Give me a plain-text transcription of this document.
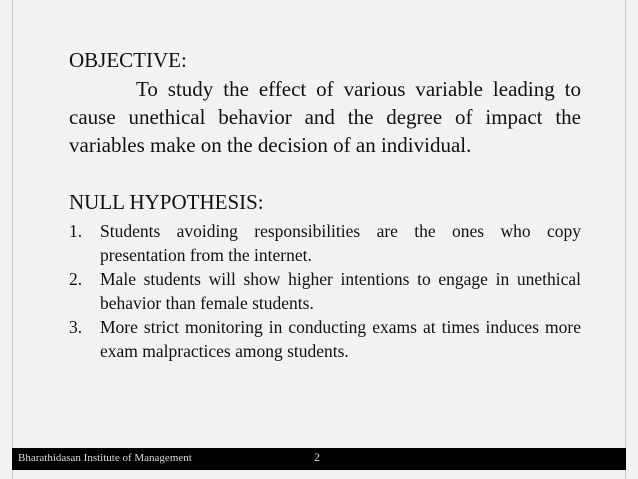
OBJECTIVE:

To study the effect of various variable leading to cause unethical behavior and the degree of impact the variables make on the decision of an individual.

NULL HYPOTHESIS:
1.	Students avoiding responsibilities are the ones who copy presentation from the internet.
2.	Male students will show higher intentions to engage in unethical behavior than female students.
3.	More strict monitoring in conducting exams at times induces more exam malpractices among students.
Bharathidasan Institute of Management	2
